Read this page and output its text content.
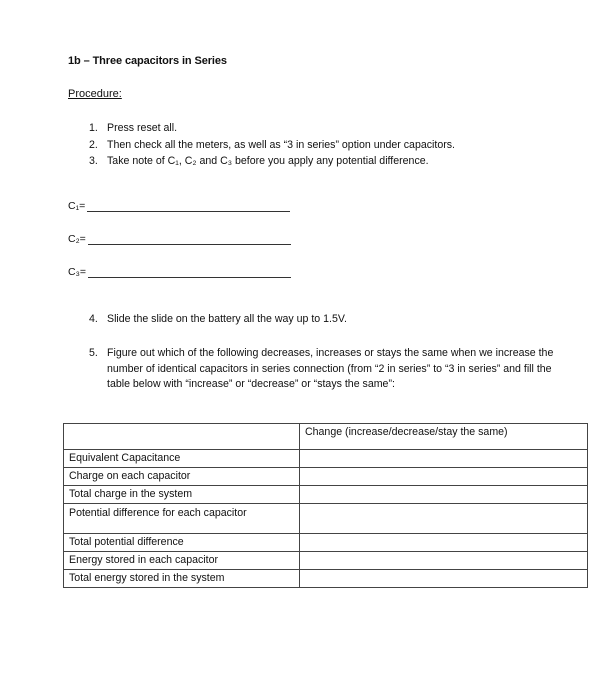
1b – Three capacitors in Series
Procedure:
1. Press reset all.
2. Then check all the meters, as well as “3 in series” option under capacitors.
3. Take note of C₁, C₂ and C₃ before you apply any potential difference.
C₁=
C₂=
C₃=
4. Slide the slide on the battery all the way up to 1.5V.
5. Figure out which of the following decreases, increases or stays the same when we increase the number of identical capacitors in series connection (from “2 in series” to “3 in series” and fill the table below with “increase” or “decrease” or “stays the same”:
	Change (increase/decrease/stay the same)
Equivalent Capacitance	
Charge on each capacitor	
Total charge in the system	
Potential difference for each capacitor	
Total potential difference	
Energy stored in each capacitor	
Total energy stored in the system	
